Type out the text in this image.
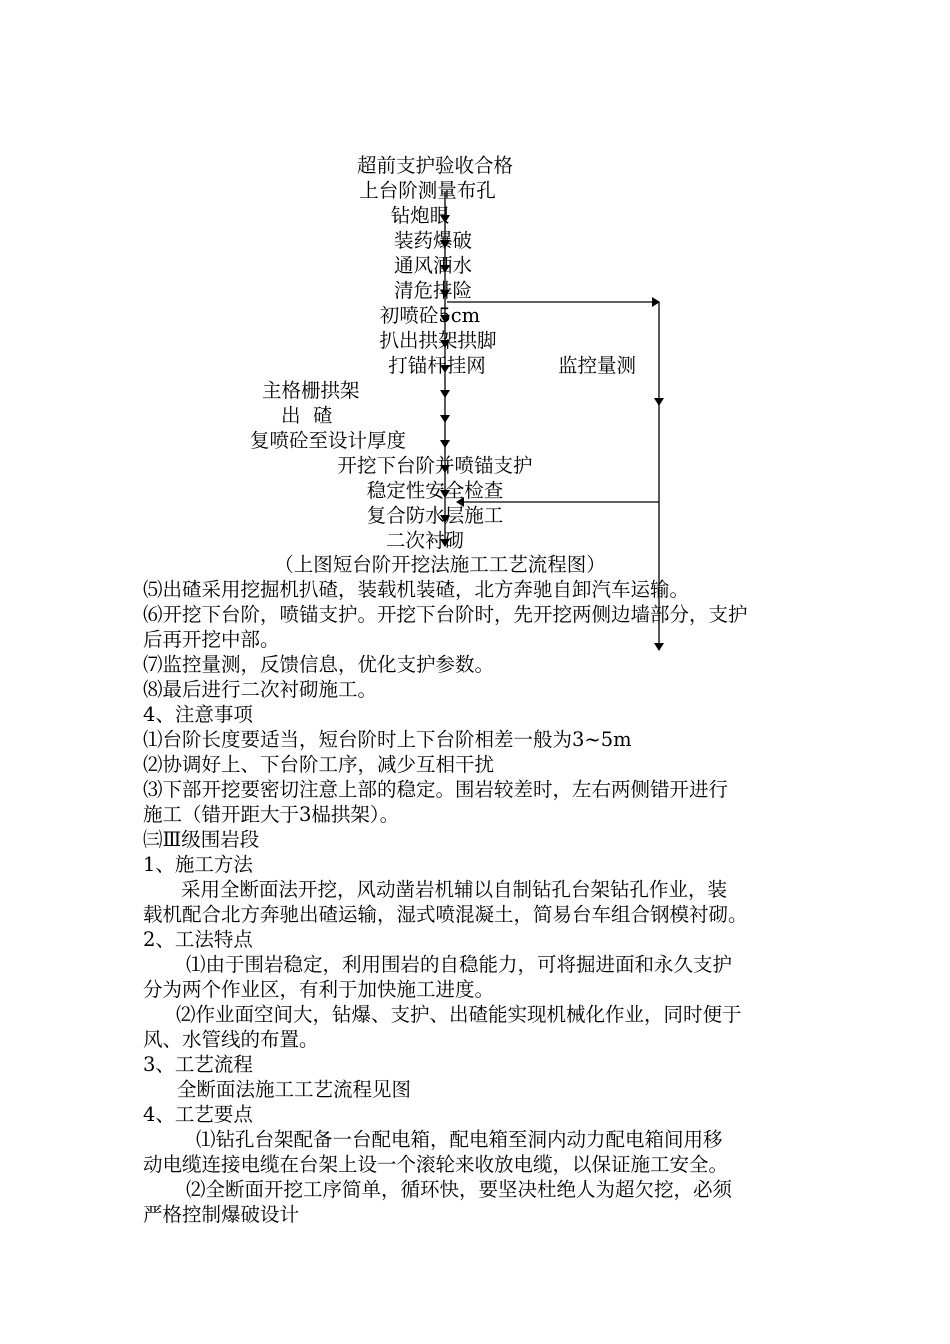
超前支护验收合格
上台阶测量布孔
钻炮眼
装药爆破
通风洒水
清危排险
初喷砼5cm
扒出拱架拱脚
打锚杆挂网
主格栅拱架
出  碴
复喷砼至设计厚度
开挖下台阶并喷锚支护
稳定性安全检查
复合防水层施工
二次衬砌
监控量测
（上图短台阶开挖法施工工艺流程图）
⑸出碴采用挖掘机扒碴，装载机装碴，北方奔驰自卸汽车运输。
⑹开挖下台阶，喷锚支护。开挖下台阶时，先开挖两侧边墙部分，支护
后再开挖中部。
⑺监控量测，反馈信息，优化支护参数。
⑻最后进行二次衬砌施工。
4、注意事项
⑴台阶长度要适当，短台阶时上下台阶相差一般为3~5m
⑵协调好上、下台阶工序，减少互相干扰
⑶下部开挖要密切注意上部的稳定。围岩较差时，左右两侧错开进行
施工（错开距大于3榀拱架）。
㈢Ⅲ级围岩段
1、施工方法
采用全断面法开挖，风动凿岩机辅以自制钻孔台架钻孔作业，装
载机配合北方奔驰出碴运输，湿式喷混凝土，简易台车组合钢模衬砌。
2、工法特点
⑴由于围岩稳定，利用围岩的自稳能力，可将掘进面和永久支护
分为两个作业区，有利于加快施工进度。
⑵作业面空间大，钻爆、支护、出碴能实现机械化作业，同时便于
风、水管线的布置。
3、工艺流程
全断面法施工工艺流程见图
4、工艺要点
⑴钻孔台架配备一台配电箱，配电箱至洞内动力配电箱间用移
动电缆连接电缆在台架上设一个滚轮来收放电缆，以保证施工安全。
⑵全断面开挖工序简单，循环快，要坚决杜绝人为超欠挖，必须
严格控制爆破设计
